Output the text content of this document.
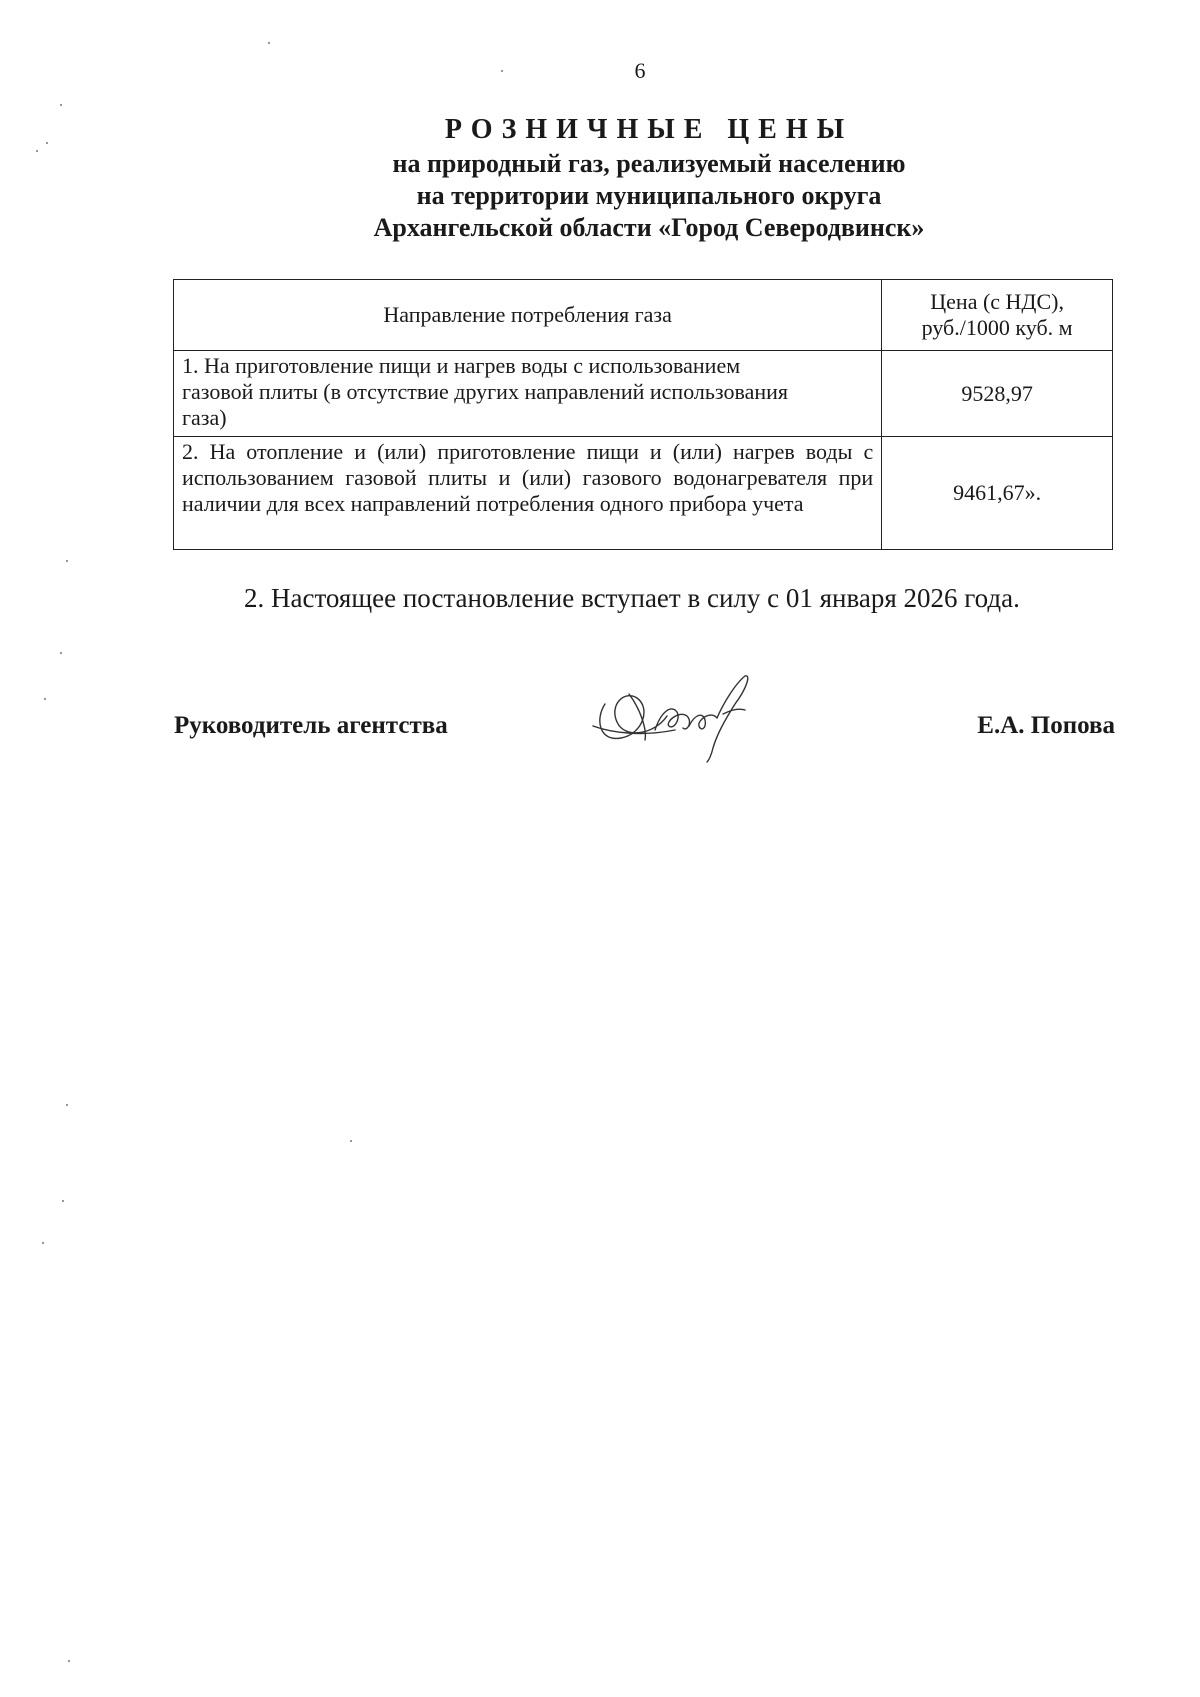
6
РОЗНИЧНЫЕ ЦЕНЫ
на природный газ, реализуемый населению
на территории муниципального округа
Архангельской области «Город Северодвинск»
Направление потребления газа	Цена (с НДС),
руб./1000 куб. м

1. На приготовление пищи и нагрев воды с использованием
газовой плиты (в отсутствие других направлений использования
газа)	9528,97
2. На отопление и (или) приготовление пищи и (или) нагрев воды с использованием газовой плиты и (или) газового водонагревателя при наличии для всех направлений потребления одного прибора учета	9461,67».
2. Настоящее постановление вступает в силу с 01 января 2026 года.
Руководитель агентства	Е.А. Попова
